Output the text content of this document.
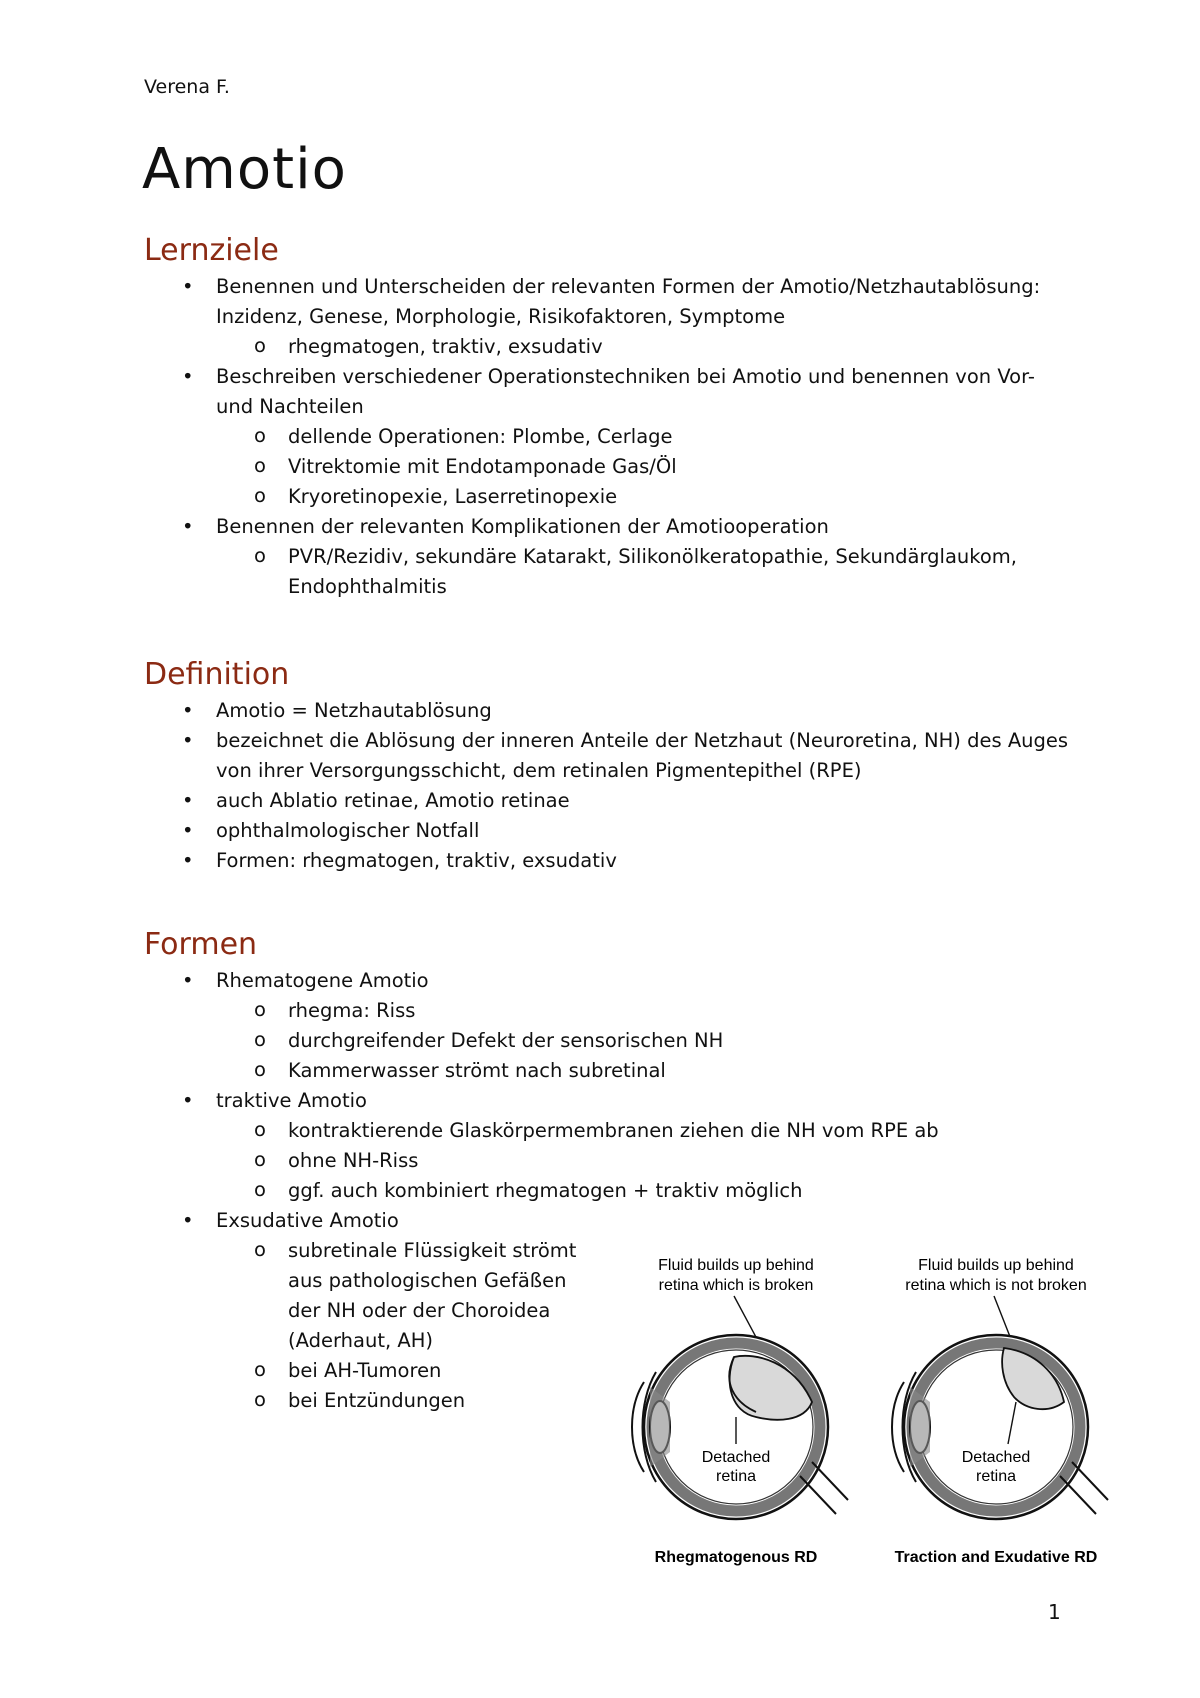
Verena F.
Amotio
Lernziele
• Benennen und Unterscheiden der relevanten Formen der Amotio/Netzhautablösung: Inzidenz, Genese, Morphologie, Risikofaktoren, Symptome
o rhegmatogen, traktiv, exsudativ
• Beschreiben verschiedener Operationstechniken bei Amotio und benennen von Vor- und Nachteilen
o dellende Operationen: Plombe, Cerlage
o Vitrektomie mit Endotamponade Gas/Öl
o Kryoretinopexie, Laserretinopexie
• Benennen der relevanten Komplikationen der Amotiooperation
o PVR/Rezidiv, sekundäre Katarakt, Silikonölkeratopathie, Sekundärglaukom, Endophthalmitis
Definition
• Amotio = Netzhautablösung
• bezeichnet die Ablösung der inneren Anteile der Netzhaut (Neuroretina, NH) des Auges von ihrer Versorgungsschicht, dem retinalen Pigmentepithel (RPE)
• auch Ablatio retinae, Amotio retinae
• ophthalmologischer Notfall
• Formen: rhegmatogen, traktiv, exsudativ
Formen
• Rhematogene Amotio
o rhegma: Riss
o durchgreifender Defekt der sensorischen NH
o Kammerwasser strömt nach subretinal
• traktive Amotio
o kontraktierende Glaskörpermembranen ziehen die NH vom RPE ab
o ohne NH-Riss
o ggf. auch kombiniert rhegmatogen + traktiv möglich
• Exsudative Amotio
o subretinale Flüssigkeit strömt aus pathologischen Gefäßen der NH oder der Choroidea (Aderhaut, AH)
o bei AH-Tumoren
o bei Entzündungen
Fluid builds up behind
retina which is broken
Detached
retina
Rhegmatogenous RD
Fluid builds up behind
retina which is not broken
Detached
retina
Traction and Exudative RD
1
